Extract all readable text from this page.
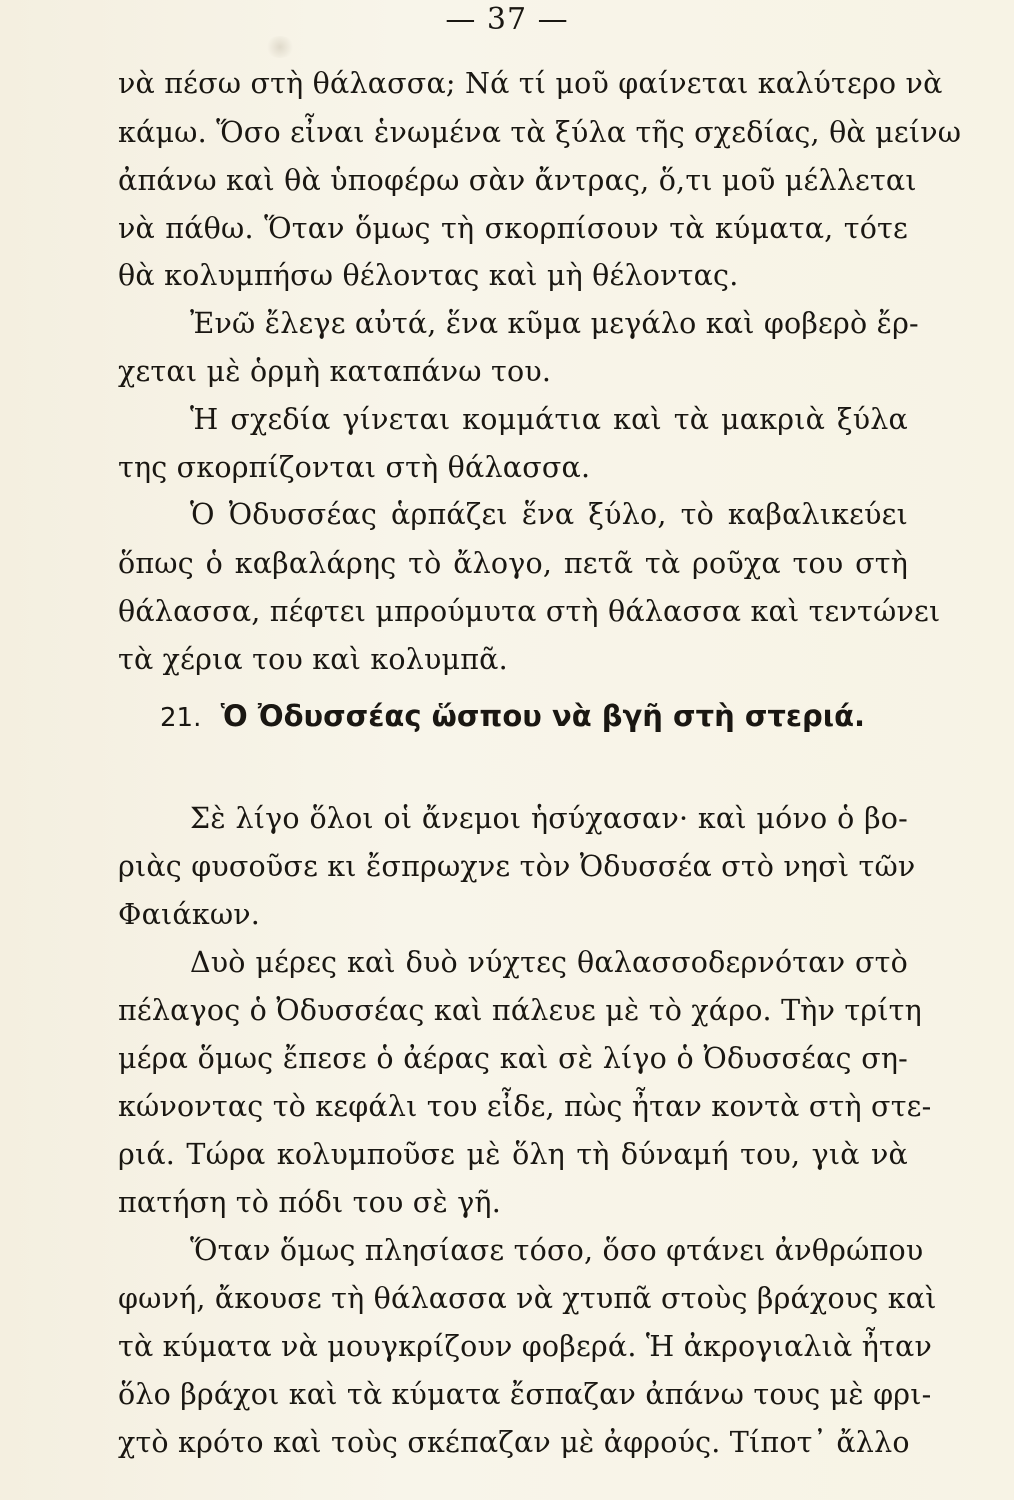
— 37 —
νὰ πέσω στὴ θάλασσα; Νά τί μοῦ φαίνεται καλύτερο νὰ
κάμω. Ὅσο εἶναι ἑνωμένα τὰ ξύλα τῆς σχεδίας, θὰ μείνω
ἀπάνω καὶ θὰ ὑποφέρω σὰν ἄντρας, ὅ,τι μοῦ μέλλεται
νὰ πάθω. Ὅταν ὅμως τὴ σκορπίσουν τὰ κύματα, τότε
θὰ κολυμπήσω θέλοντας καὶ μὴ θέλοντας.
Ἐνῶ ἔλεγε αὐτά, ἕνα κῦμα μεγάλο καὶ φοβερὸ ἔρ-
χεται μὲ ὁρμὴ καταπάνω του.
Ἡ σχεδία γίνεται κομμάτια καὶ τὰ μακριὰ ξύλα
της σκορπίζονται στὴ θάλασσα.
Ὁ Ὀδυσσέας ἁρπάζει ἕνα ξύλο, τὸ καβαλικεύει
ὅπως ὁ καβαλάρης τὸ ἄλογο, πετᾶ τὰ ροῦχα του στὴ
θάλασσα, πέφτει μπρούμυτα στὴ θάλασσα καὶ τεντώνει
τὰ χέρια του καὶ κολυμπᾶ.
21. Ὁ Ὀδυσσέας ὥσπου νὰ βγῆ στὴ στεριά.
Σὲ λίγο ὅλοι οἱ ἄνεμοι ἡσύχασαν· καὶ μόνο ὁ βο-
ριὰς φυσοῦσε κι ἔσπρωχνε τὸν Ὀδυσσέα στὸ νησὶ τῶν
Φαιάκων.
Δυὸ μέρες καὶ δυὸ νύχτες θαλασσοδερνόταν στὸ
πέλαγος ὁ Ὀδυσσέας καὶ πάλευε μὲ τὸ χάρο. Τὴν τρίτη
μέρα ὅμως ἔπεσε ὁ ἀέρας καὶ σὲ λίγο ὁ Ὀδυσσέας ση-
κώνοντας τὸ κεφάλι του εἶδε, πὼς ἦταν κοντὰ στὴ στε-
ριά. Τώρα κολυμποῦσε μὲ ὅλη τὴ δύναμή του, γιὰ νὰ
πατήση τὸ πόδι του σὲ γῆ.
Ὅταν ὅμως πλησίασε τόσο, ὅσο φτάνει ἀνθρώπου
φωνή, ἄκουσε τὴ θάλασσα νὰ χτυπᾶ στοὺς βράχους καὶ
τὰ κύματα νὰ μουγκρίζουν φοβερά. Ἡ ἀκρογιαλιὰ ἦταν
ὅλο βράχοι καὶ τὰ κύματα ἔσπαζαν ἀπάνω τους μὲ φρι-
χτὸ κρότο καὶ τοὺς σκέπαζαν μὲ ἀφρούς. Τίποτ᾽ ἄλλο
